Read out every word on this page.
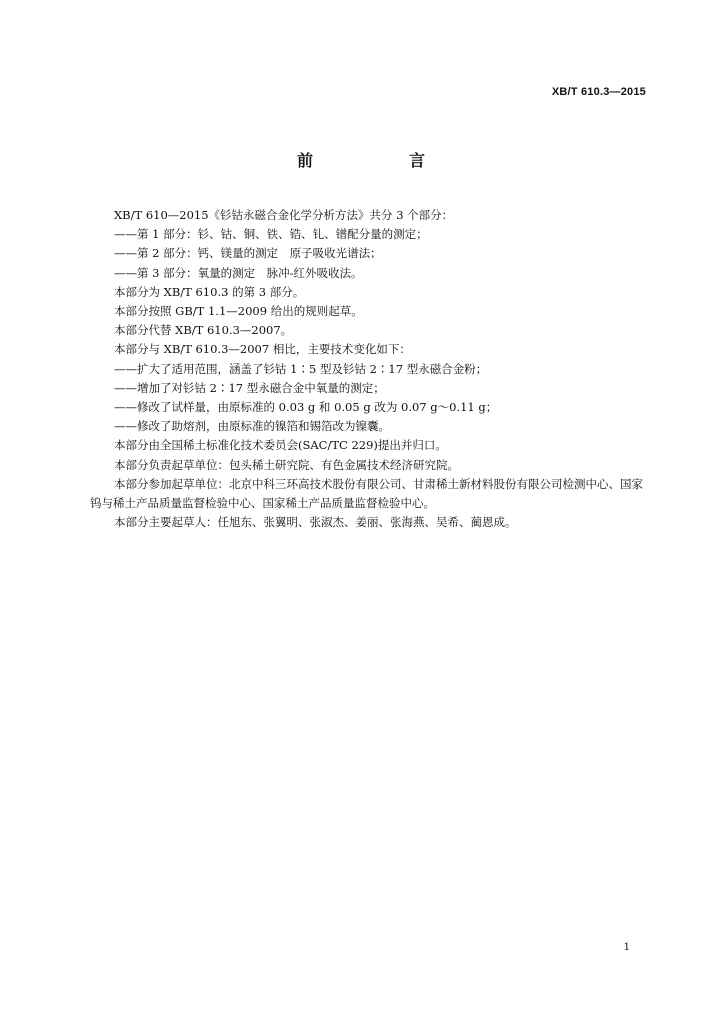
XB/T 610.3—2015
前　言

XB/T 610—2015《钐钴永磁合金化学分析方法》共分 3 个部分：

——第 1 部分：钐、钴、铜、铁、锆、钆、镨配分量的测定；

——第 2 部分：钙、镁量的测定　原子吸收光谱法；

——第 3 部分：氧量的测定　脉冲-红外吸收法。

本部分为 XB/T 610.3 的第 3 部分。

本部分按照 GB/T 1.1—2009 给出的规则起草。

本部分代替 XB/T 610.3—2007。

本部分与 XB/T 610.3—2007 相比，主要技术变化如下：

——扩大了适用范围，涵盖了钐钴 1∶5 型及钐钴 2∶17 型永磁合金粉；

——增加了对钐钴 2∶17 型永磁合金中氧量的测定；

——修改了试样量，由原标准的 0.03 g 和 0.05 g 改为 0.07 g～0.11 g；

——修改了助熔剂，由原标准的镍箔和锡箔改为镍囊。

本部分由全国稀土标准化技术委员会(SAC/TC 229)提出并归口。

本部分负责起草单位：包头稀土研究院、有色金属技术经济研究院。

本部分参加起草单位：北京中科三环高技术股份有限公司、甘肃稀土新材料股份有限公司检测中心、国家钨与稀土产品质量监督检验中心、国家稀土产品质量监督检验中心。

本部分主要起草人：任旭东、张翼明、张淑杰、姜丽、张海燕、吴希、蔺恩成。

1
